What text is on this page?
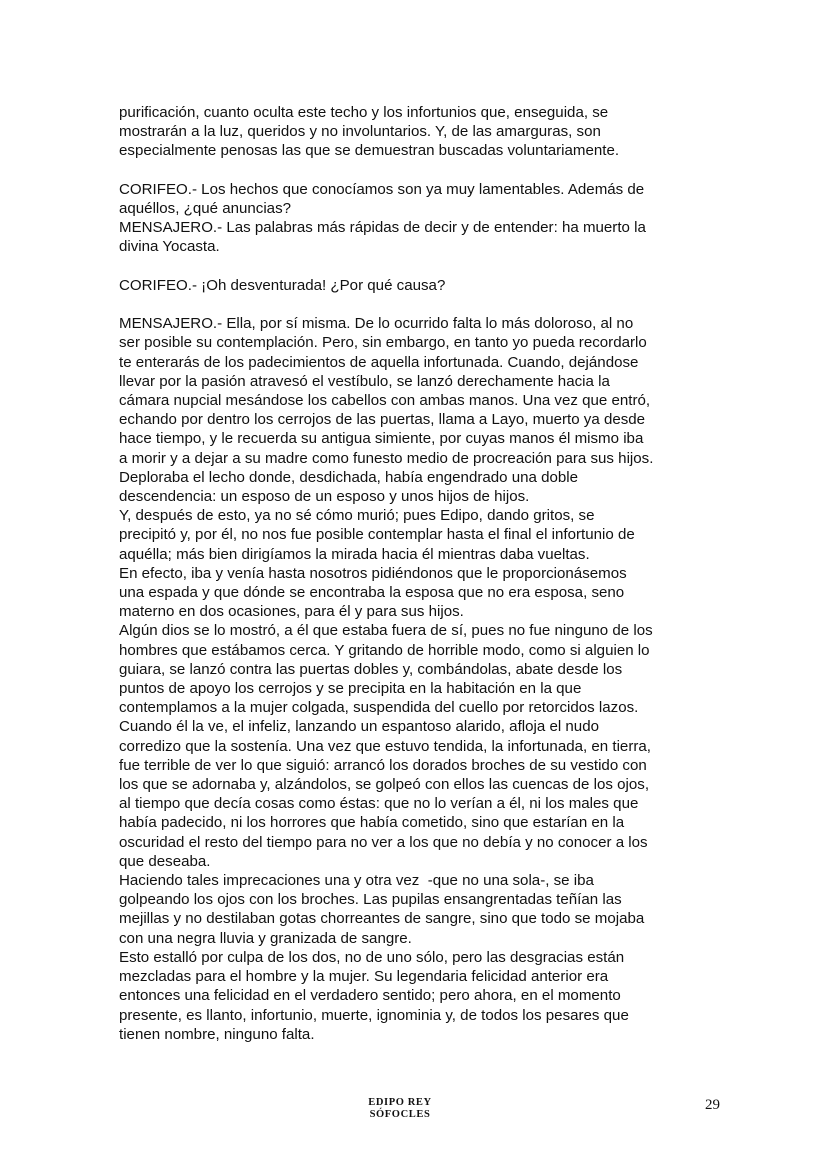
purificación, cuanto oculta este techo y los infortunios que, enseguida, se
mostrarán a la luz, queridos y no involuntarios. Y, de las amarguras, son
especialmente penosas las que se demuestran buscadas voluntariamente.

CORIFEO.- Los hechos que conocíamos son ya muy lamentables. Además de
aquéllos, ¿qué anuncias?
MENSAJERO.- Las palabras más rápidas de decir y de entender: ha muerto la
divina Yocasta.

CORIFEO.- ¡Oh desventurada! ¿Por qué causa?

MENSAJERO.- Ella, por sí misma. De lo ocurrido falta lo más doloroso, al no
ser posible su contemplación. Pero, sin embargo, en tanto yo pueda recordarlo
te enterarás de los padecimientos de aquella infortunada. Cuando, dejándose
llevar por la pasión atravesó el vestíbulo, se lanzó derechamente hacia la
cámara nupcial mesándose los cabellos con ambas manos. Una vez que entró,
echando por dentro los cerrojos de las puertas, llama a Layo, muerto ya desde
hace tiempo, y le recuerda su antigua simiente, por cuyas manos él mismo iba
a morir y a dejar a su madre como funesto medio de procreación para sus hijos.
Deploraba el lecho donde, desdichada, había engendrado una doble
descendencia: un esposo de un esposo y unos hijos de hijos.
Y, después de esto, ya no sé cómo murió; pues Edipo, dando gritos, se
precipitó y, por él, no nos fue posible contemplar hasta el final el infortunio de
aquélla; más bien dirigíamos la mirada hacia él mientras daba vueltas.
En efecto, iba y venía hasta nosotros pidiéndonos que le proporcionásemos
una espada y que dónde se encontraba la esposa que no era esposa, seno
materno en dos ocasiones, para él y para sus hijos.
Algún dios se lo mostró, a él que estaba fuera de sí, pues no fue ninguno de los
hombres que estábamos cerca. Y gritando de horrible modo, como si alguien lo
guiara, se lanzó contra las puertas dobles y, combándolas, abate desde los
puntos de apoyo los cerrojos y se precipita en la habitación en la que
contemplamos a la mujer colgada, suspendida del cuello por retorcidos lazos.
Cuando él la ve, el infeliz, lanzando un espantoso alarido, afloja el nudo
corredizo que la sostenía. Una vez que estuvo tendida, la infortunada, en tierra,
fue terrible de ver lo que siguió: arrancó los dorados broches de su vestido con
los que se adornaba y, alzándolos, se golpeó con ellos las cuencas de los ojos,
al tiempo que decía cosas como éstas: que no lo verían a él, ni los males que
había padecido, ni los horrores que había cometido, sino que estarían en la
oscuridad el resto del tiempo para no ver a los que no debía y no conocer a los
que deseaba.
Haciendo tales imprecaciones una y otra vez  -que no una sola-, se iba
golpeando los ojos con los broches. Las pupilas ensangrentadas teñían las
mejillas y no destilaban gotas chorreantes de sangre, sino que todo se mojaba
con una negra lluvia y granizada de sangre.
Esto estalló por culpa de los dos, no de uno sólo, pero las desgracias están
mezcladas para el hombre y la mujer. Su legendaria felicidad anterior era
entonces una felicidad en el verdadero sentido; pero ahora, en el momento
presente, es llanto, infortunio, muerte, ignominia y, de todos los pesares que
tienen nombre, ninguno falta.

EDIPO REY
SÓFOCLES
29
